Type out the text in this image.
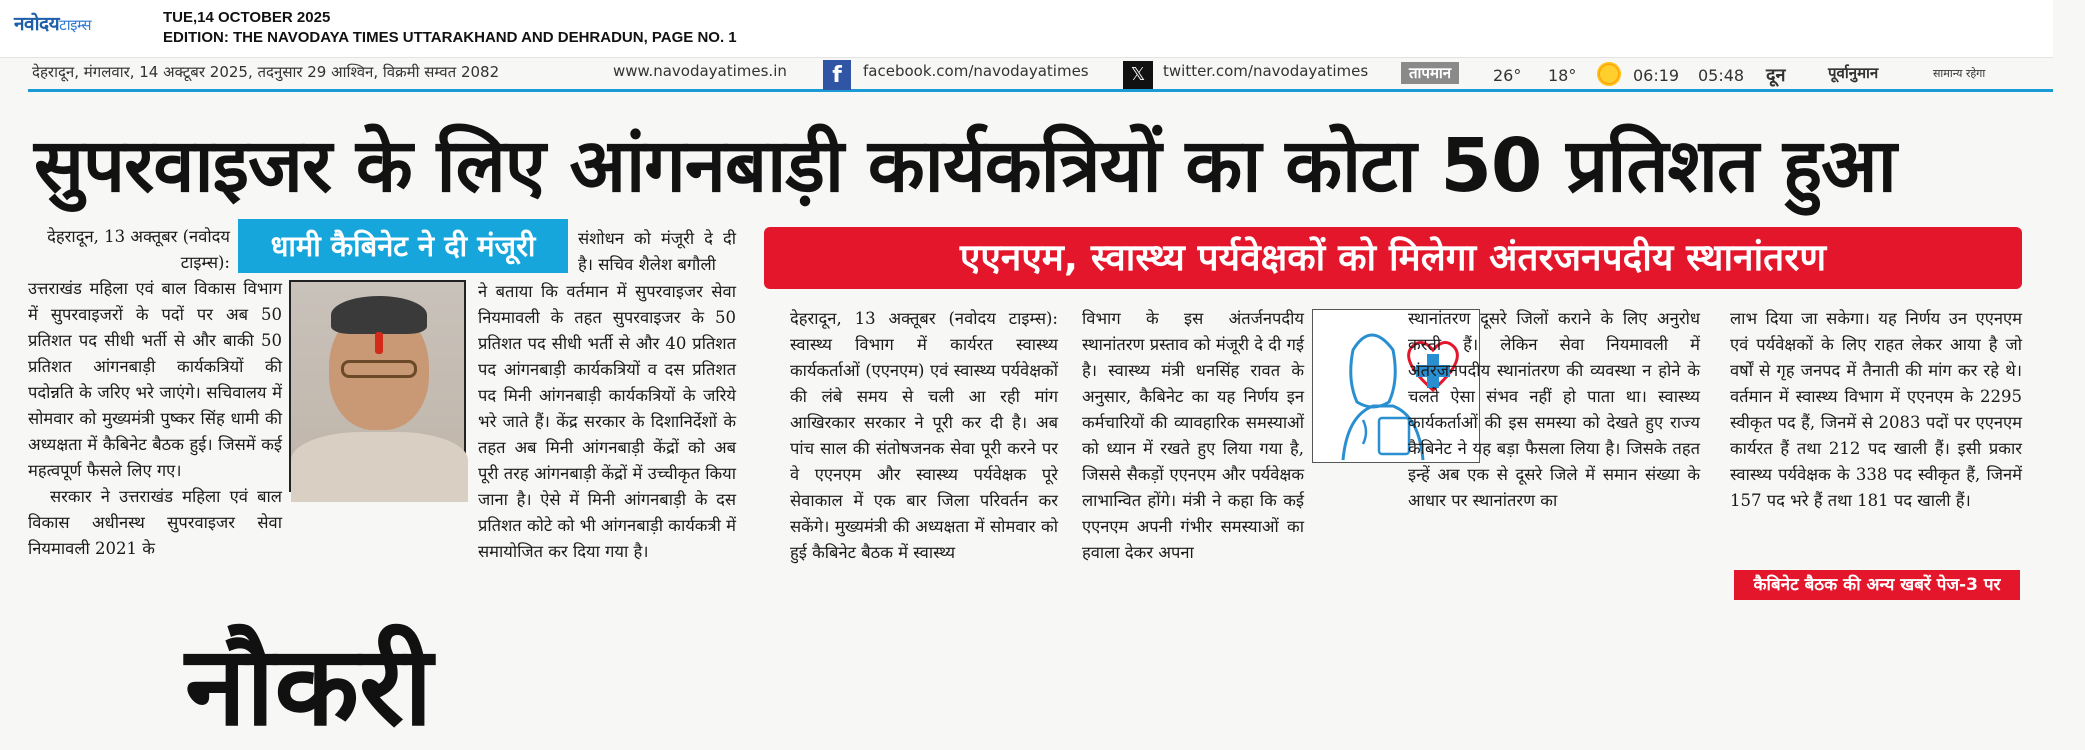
नवोदयटाइम्स	TUE,14 OCTOBER 2025
EDITION: THE NAVODAYA TIMES UTTARAKHAND AND DEHRADUN, PAGE NO. 1
देहरादून, मंगलवार, 14 अक्टूबर 2025, तदनुसार 29 आश्विन, विक्रमी सम्वत 2082	www.navodayatimes.in	f	facebook.com/navodayatimes	𝕏	twitter.com/navodayatimes	तापमान	26° 18°	06:19 05:48 दून	पूर्वानुमान	सामान्य रहेगा
सुपरवाइजर के लिए आंगनबाड़ी कार्यकत्रियों का कोटा 50 प्रतिशत हुआ
धामी कैबिनेट ने दी मंजूरी
देहरादून, 13 अक्तूबर (नवोदय टाइम्स):

उत्तराखंड महिला एवं बाल विकास विभाग में सुपरवाइजरों के पदों पर अब 50 प्रतिशत पद सीधी भर्ती से और बाकी 50 प्रतिशत आंगनबाड़ी कार्यकत्रियों की पदोन्नति के जरिए भरे जाएंगे। सचिवालय में सोमवार को मुख्यमंत्री पुष्कर सिंह धामी की अध्यक्षता में कैबिनेट बैठक हुई। जिसमें कई महत्वपूर्ण फैसले लिए गए।

सरकार ने उत्तराखंड महिला एवं बाल विकास अधीनस्थ सुपरवाइजर सेवा नियमावली 2021 के

संशोधन को मंजूरी दे दी है। सचिव शैलेश बगौली
ने बताया कि वर्तमान में सुपरवाइजर सेवा नियमावली के तहत सुपरवाइजर के 50 प्रतिशत पद सीधी भर्ती से और 40 प्रतिशत पद आंगनबाड़ी कार्यकत्रियों व दस प्रतिशत पद मिनी आंगनबाड़ी कार्यकत्रियों के जरिये भरे जाते हैं। केंद्र सरकार के दिशानिर्देशों के तहत अब मिनी आंगनबाड़ी केंद्रों को अब पूरी तरह आंगनबाड़ी केंद्रों में उच्चीकृत किया जाना है। ऐसे में मिनी आंगनबाड़ी के दस प्रतिशत कोटे को भी आंगनबाड़ी कार्यकत्री में समायोजित कर दिया गया है।
एएनएम, स्वास्थ्य पर्यवेक्षकों को मिलेगा अंतरजनपदीय स्थानांतरण
देहरादून, 13 अक्तूबर (नवोदय टाइम्स): स्वास्थ्य विभाग में कार्यरत स्वास्थ्य कार्यकर्ताओं (एएनएम) एवं स्वास्थ्य पर्यवेक्षकों की लंबे समय से चली आ रही मांग आखिरकार सरकार ने पूरी कर दी है। अब पांच साल की संतोषजनक सेवा पूरी करने पर वे एएनएम और स्वास्थ्य पर्यवेक्षक पूरे सेवाकाल में एक बार जिला परिवर्तन कर सकेंगे। मुख्यमंत्री की अध्यक्षता में सोमवार को हुई कैबिनेट बैठक में स्वास्थ्य
विभाग के इस अंतर्जनपदीय स्थानांतरण प्रस्ताव को मंजूरी दे दी गई है। स्वास्थ्य मंत्री धनसिंह रावत के अनुसार, कैबिनेट का यह निर्णय इन कर्मचारियों की व्यावहारिक समस्याओं को ध्यान में रखते हुए लिया गया है, जिससे सैकड़ों एएनएम और पर्यवेक्षक लाभान्वित होंगे। मंत्री ने कहा कि कई एएनएम अपनी गंभीर समस्याओं का हवाला देकर अपना
स्थानांतरण दूसरे जिलों कराने के लिए अनुरोध करती हैं। लेकिन सेवा नियमावली में अंतरजनपदीय स्थानांतरण की व्यवस्था न होने के चलते ऐसा संभव नहीं हो पाता था। स्वास्थ्य कार्यकर्ताओं की इस समस्या को देखते हुए राज्य कैबिनेट ने यह बड़ा फैसला लिया है। जिसके तहत इन्हें अब एक से दूसरे जिले में समान संख्या के आधार पर स्थानांतरण का
लाभ दिया जा सकेगा। यह निर्णय उन एएनएम एवं पर्यवेक्षकों के लिए राहत लेकर आया है जो वर्षों से गृह जनपद में तैनाती की मांग कर रहे थे। वर्तमान में स्वास्थ्य विभाग में एएनएम के 2295 स्वीकृत पद हैं, जिनमें से 2083 पदों पर एएनएम कार्यरत हैं तथा 212 पद खाली हैं। इसी प्रकार स्वास्थ्य पर्यवेक्षक के 338 पद स्वीकृत हैं, जिनमें 157 पद भरे हैं तथा 181 पद खाली हैं।
कैबिनेट बैठक की अन्य खबरें पेज-3 पर
नौकरी
